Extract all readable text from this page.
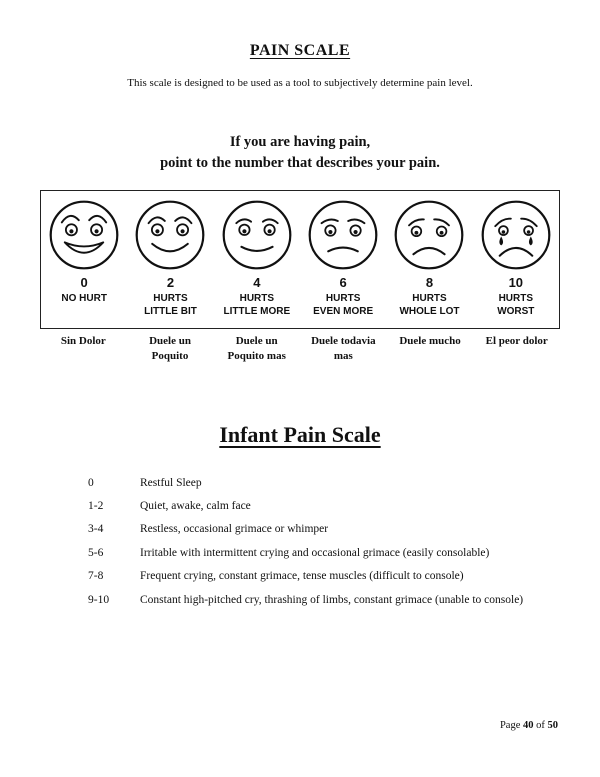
PAIN SCALE
This scale is designed to be used as a tool to subjectively determine pain level.
If you are having pain,
point to the number that describes your pain.
0
NO HURT
2
HURTS
LITTLE BIT
4
HURTS
LITTLE MORE
6
HURTS
EVEN MORE
8
HURTS
WHOLE LOT
10
HURTS
WORST
Sin Dolor	Duele un Poquito
Duele un Poquito mas
Duele todavia mas
Duele mucho	El peor dolor
Infant Pain Scale
0	Restful Sleep
1-2	Quiet, awake, calm face
3-4	Restless, occasional grimace or whimper
5-6	Irritable with intermittent crying and occasional grimace (easily consolable)
7-8	Frequent crying, constant grimace, tense muscles (difficult to console)
9-10	Constant high-pitched cry, thrashing of limbs, constant grimace (unable to console)
Page 40 of 50
